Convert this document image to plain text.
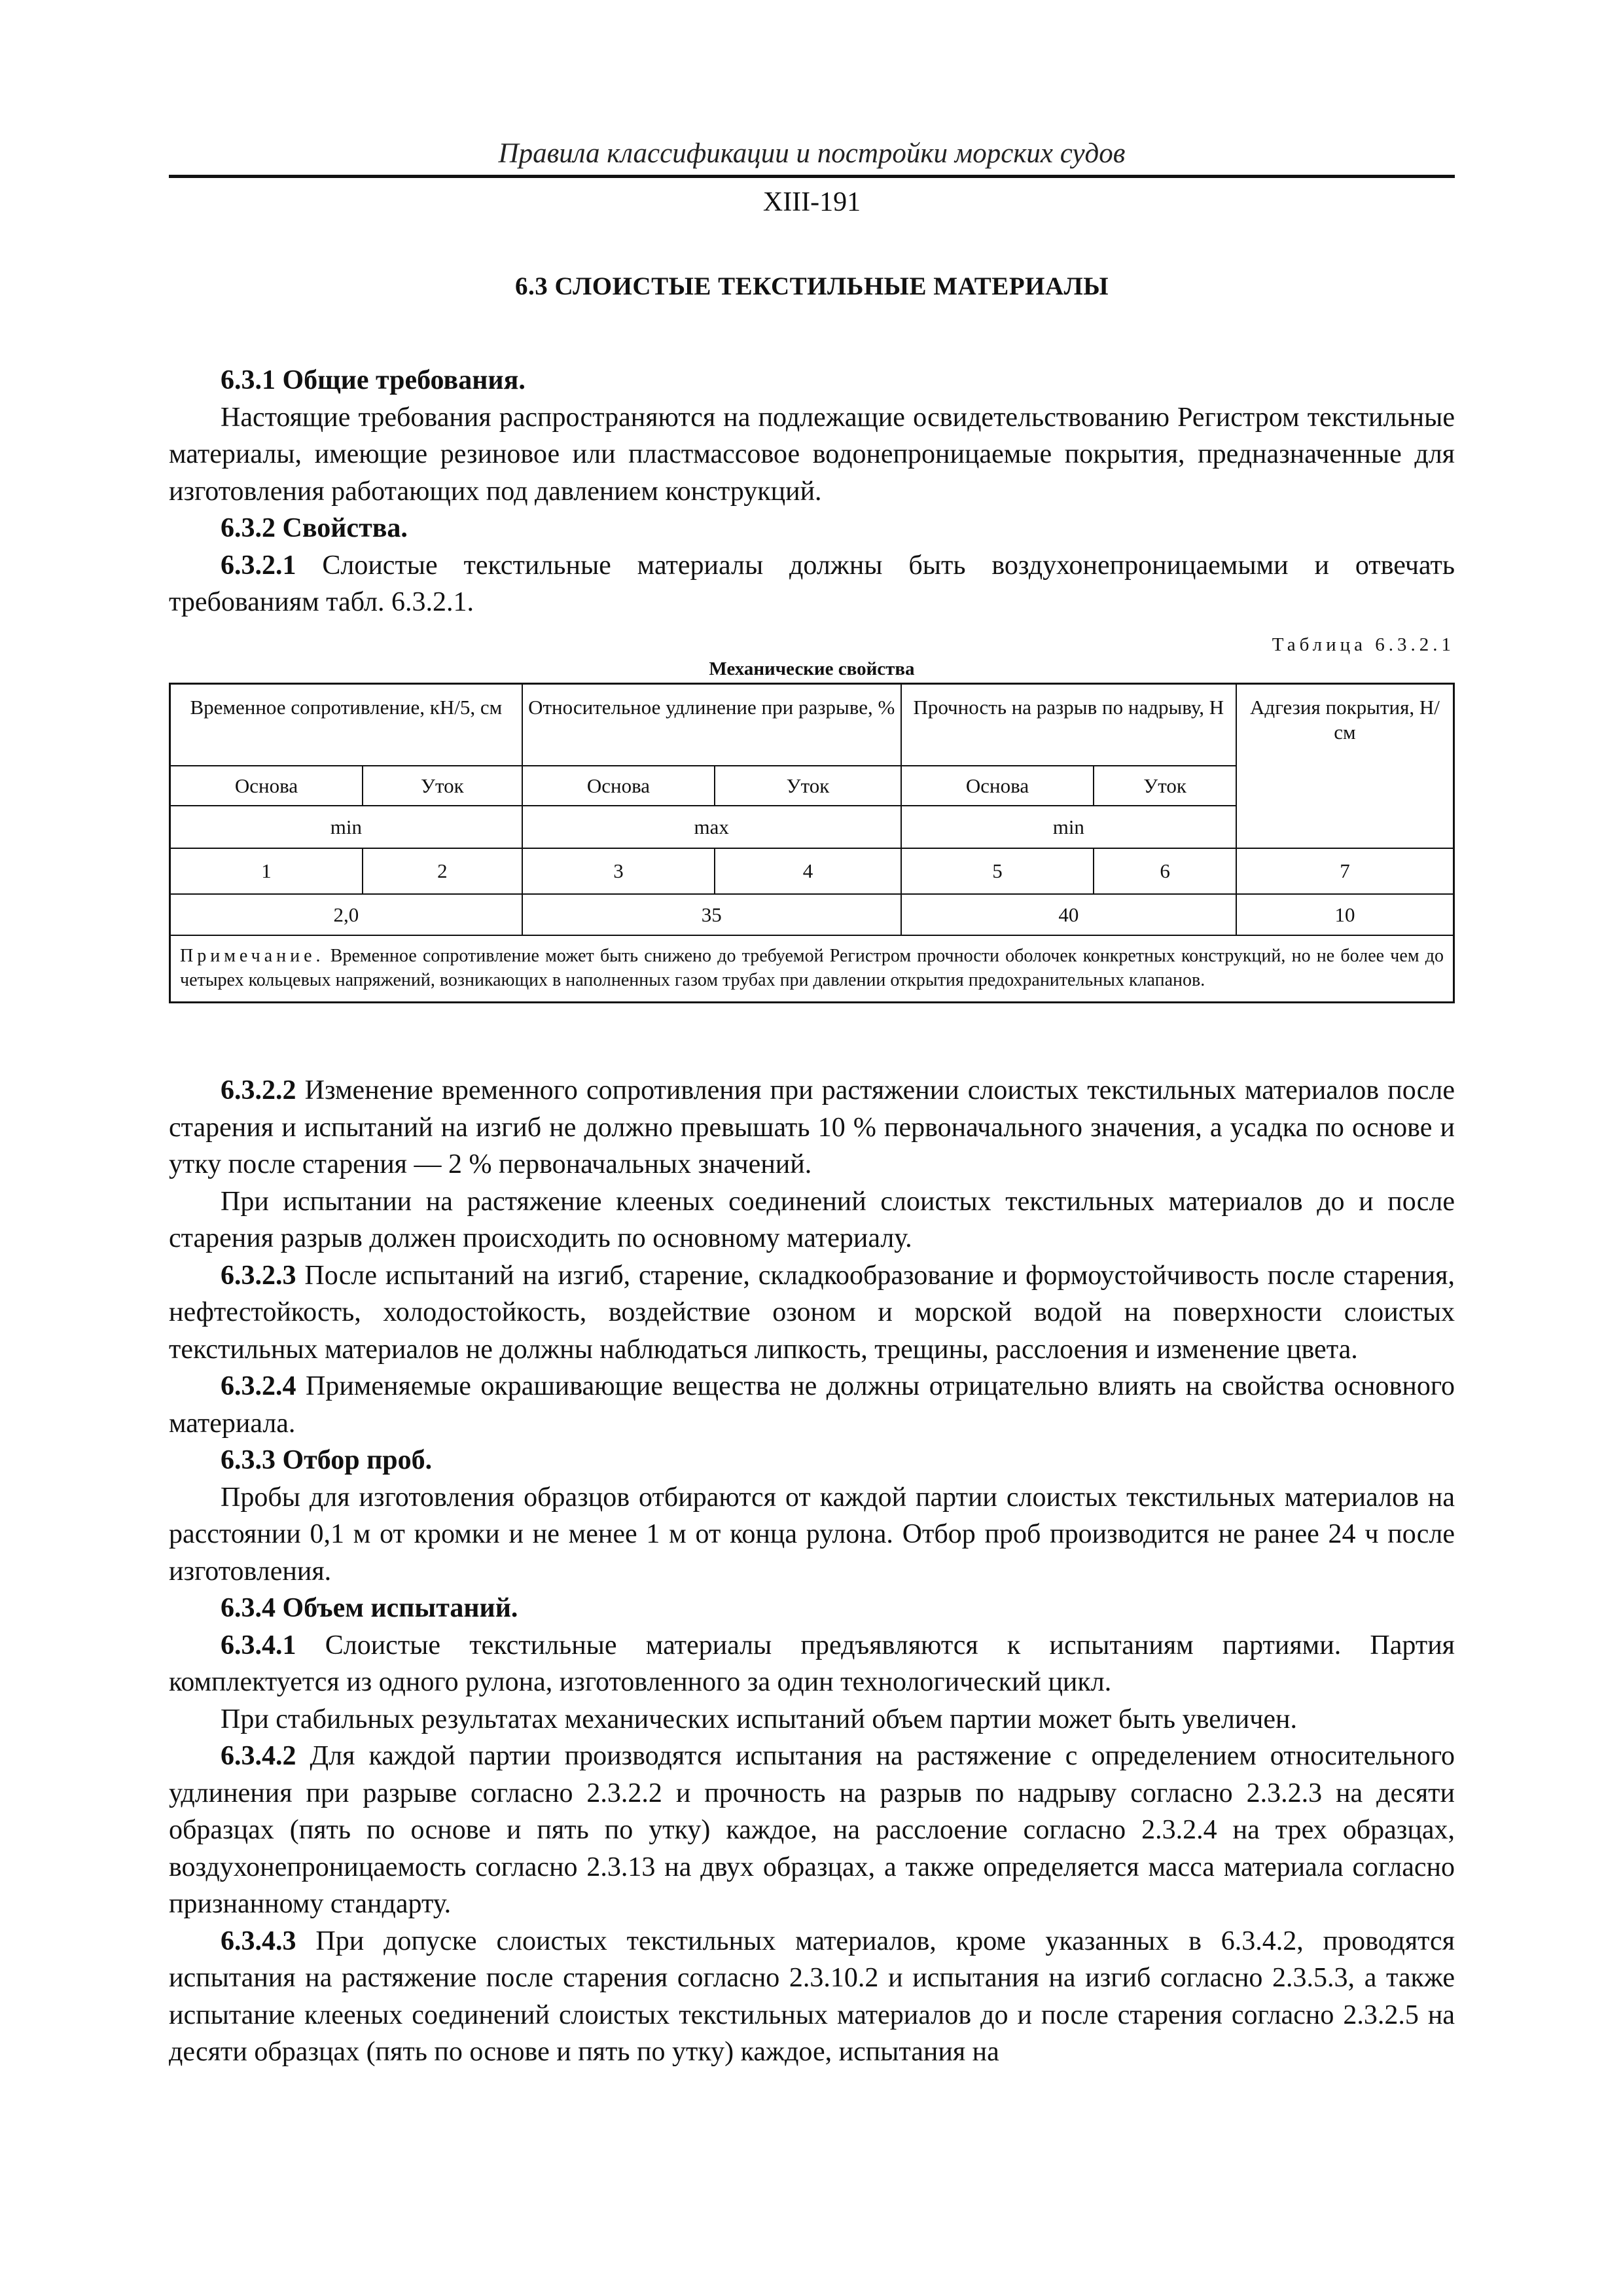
Правила классификации и постройки морских судов
XIII-191
6.3 СЛОИСТЫЕ ТЕКСТИЛЬНЫЕ МАТЕРИАЛЫ

6.3.1 Общие требования.

Настоящие требования распространяются на подлежащие освидетельствованию Регистром текстильные материалы, имеющие резиновое или пластмассовое водонепроницаемые покрытия, предназначенные для изготовления работающих под давлением конструкций.

6.3.2 Свойства.

6.3.2.1 Слоистые текстильные материалы должны быть воздухонепроницаемыми и отвечать требованиям табл. 6.3.2.1.

Таблица 6.3.2.1
Механические свойства
Временное сопротивление, кН/5, см		Относительное удлинение при разрыве, %		Прочность на разрыв по надрыву, Н		Адгезия покрытия, Н/см
Основа	Уток	Основа	Уток	Основа	Уток	
min		max		min		
1	2	3	4	5	6	7
2,0		35		40		10
Примечание. Временное сопротивление может быть снижено до требуемой Регистром прочности оболочек конкретных конструкций, но не более чем до четырех кольцевых напряжений, возникающих в наполненных газом трубах при давлении открытия предохранительных клапанов.						

6.3.2.2 Изменение временного сопротивления при растяжении слоистых текстильных материалов после старения и испытаний на изгиб не должно превышать 10 % первоначального значения, а усадка по основе и утку после старения — 2 % первоначальных значений.

При испытании на растяжение клееных соединений слоистых текстильных материалов до и после старения разрыв должен происходить по основному материалу.

6.3.2.3 После испытаний на изгиб, старение, складкообразование и формоустойчивость после старения, нефтестойкость, холодостойкость, воздействие озоном и морской водой на поверхности слоистых текстильных материалов не должны наблюдаться липкость, трещины, расслоения и изменение цвета.

6.3.2.4 Применяемые окрашивающие вещества не должны отрицательно влиять на свойства основного материала.

6.3.3 Отбор проб.

Пробы для изготовления образцов отбираются от каждой партии слоистых текстильных материалов на расстоянии 0,1 м от кромки и не менее 1 м от конца рулона. Отбор проб производится не ранее 24 ч после изготовления.

6.3.4 Объем испытаний.

6.3.4.1 Слоистые текстильные материалы предъявляются к испытаниям партиями. Партия комплектуется из одного рулона, изготовленного за один технологический цикл.

При стабильных результатах механических испытаний объем партии может быть увеличен.

6.3.4.2 Для каждой партии производятся испытания на растяжение с определением относительного удлинения при разрыве согласно 2.3.2.2 и прочность на разрыв по надрыву согласно 2.3.2.3 на десяти образцах (пять по основе и пять по утку) каждое, на расслоение согласно 2.3.2.4 на трех образцах, воздухонепроницаемость согласно 2.3.13 на двух образцах, а также определяется масса материала согласно признанному стандарту.

6.3.4.3 При допуске слоистых текстильных материалов, кроме указанных в 6.3.4.2, проводятся испытания на растяжение после старения согласно 2.3.10.2 и испытания на изгиб согласно 2.3.5.3, а также испытание клееных соединений слоистых текстильных материалов до и после старения согласно 2.3.2.5 на десяти образцах (пять по основе и пять по утку) каждое, испытания на
